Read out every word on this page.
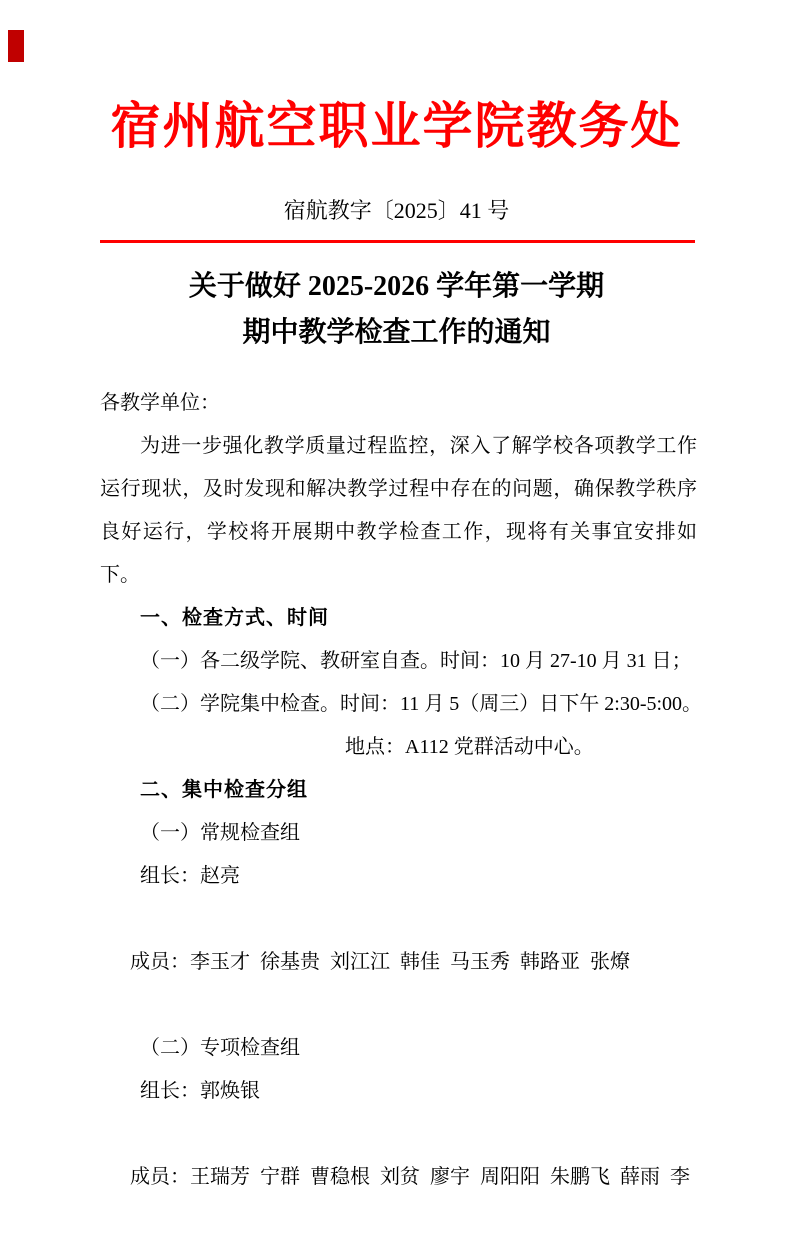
宿州航空职业学院教务处
宿航教字〔2025〕41 号
关于做好 2025-2026 学年第一学期
期中教学检查工作的通知
各教学单位：

为进一步强化教学质量过程监控，深入了解学校各项教学工作运行现状，及时发现和解决教学过程中存在的问题，确保教学秩序良好运行，学校将开展期中教学检查工作，现将有关事宜安排如下。

一、检查方式、时间
（一）各二级学院、教研室自查。时间：10 月 27-10 月 31 日；
（二）学院集中检查。时间：11 月 5（周三）日下午 2:30-5:00。
地点：A112 党群活动中心。
二、集中检查分组
（一）常规检查组
组长：赵亮

成员：李玉才  徐基贵  刘江江  韩佳  马玉秀  韩路亚  张燎

（二）专项检查组
组长：郭焕银

成员：王瑞芳  宁群  曹稳根  刘贫  廖宇  周阳阳  朱鹏飞  薛雨  李
